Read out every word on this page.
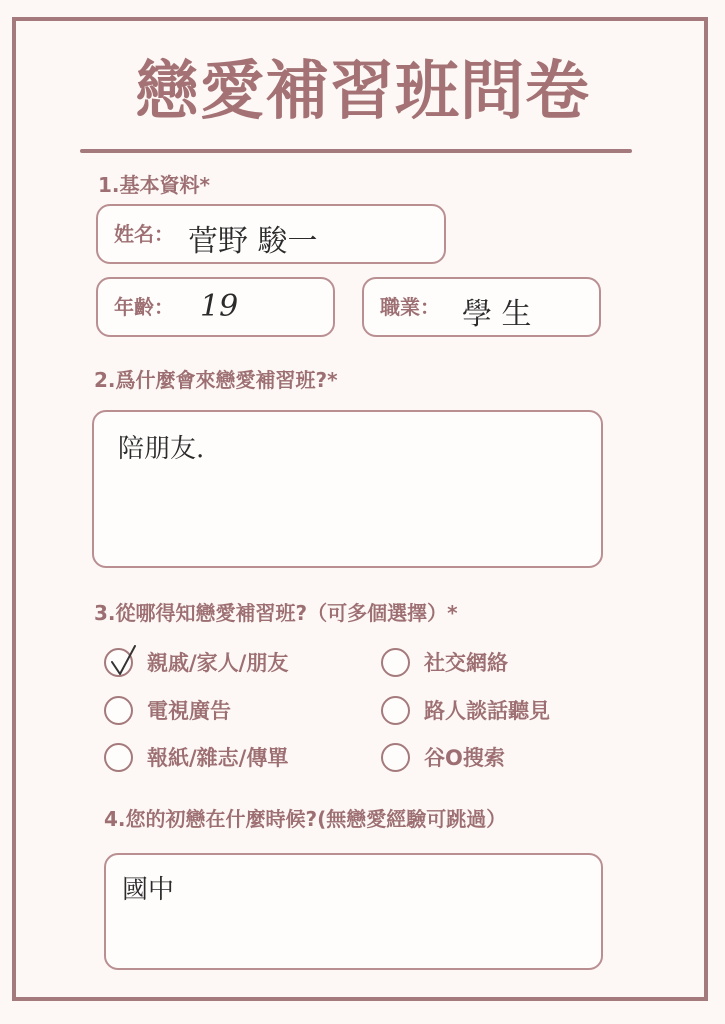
戀愛補習班問卷
1.基本資料*
姓名： 菅野 駿一
年齡： 19	職業： 學 生
2.爲什麼會來戀愛補習班?*
陪朋友.
3.從哪得知戀愛補習班?（可多個選擇）*
親戚/家人/朋友	社交網絡
電視廣告	路人談話聽見
報紙/雜志/傳單	谷O搜索
4.您的初戀在什麼時候?(無戀愛經驗可跳過）
國中
